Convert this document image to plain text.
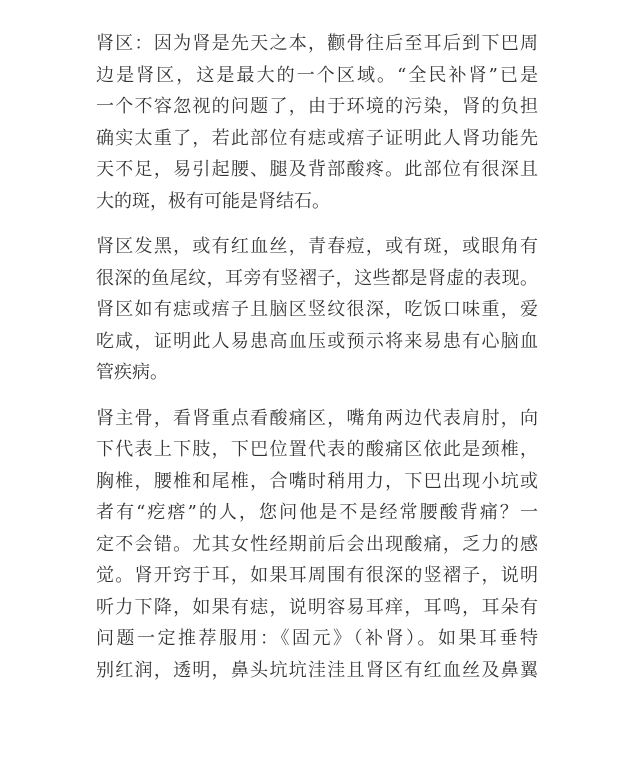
肾区：因为肾是先天之本，颧骨往后至耳后到下巴周
边是肾区，这是最大的一个区域。“全民补肾”已是
一个不容忽视的问题了，由于环境的污染，肾的负担
确实太重了，若此部位有痣或痦子证明此人肾功能先
天不足，易引起腰、腿及背部酸疼。此部位有很深且
大的斑，极有可能是肾结石。
肾区发黑，或有红血丝，青春痘，或有斑，或眼角有
很深的鱼尾纹，耳旁有竖褶子，这些都是肾虚的表现。
肾区如有痣或痦子且脑区竖纹很深，吃饭口味重，爱
吃咸，证明此人易患高血压或预示将来易患有心脑血
管疾病。
肾主骨，看肾重点看酸痛区，嘴角两边代表肩肘，向
下代表上下肢，下巴位置代表的酸痛区依此是颈椎，
胸椎，腰椎和尾椎，合嘴时稍用力，下巴出现小坑或
者有“疙瘩”的人，您问他是不是经常腰酸背痛？一
定不会错。尤其女性经期前后会出现酸痛，乏力的感
觉。肾开窍于耳，如果耳周围有很深的竖褶子，说明
听力下降，如果有痣，说明容易耳痒，耳鸣，耳朵有
问题一定推荐服用：《固元》（补肾）。如果耳垂特
别红润，透明，鼻头坑坑洼洼且肾区有红血丝及鼻翼
